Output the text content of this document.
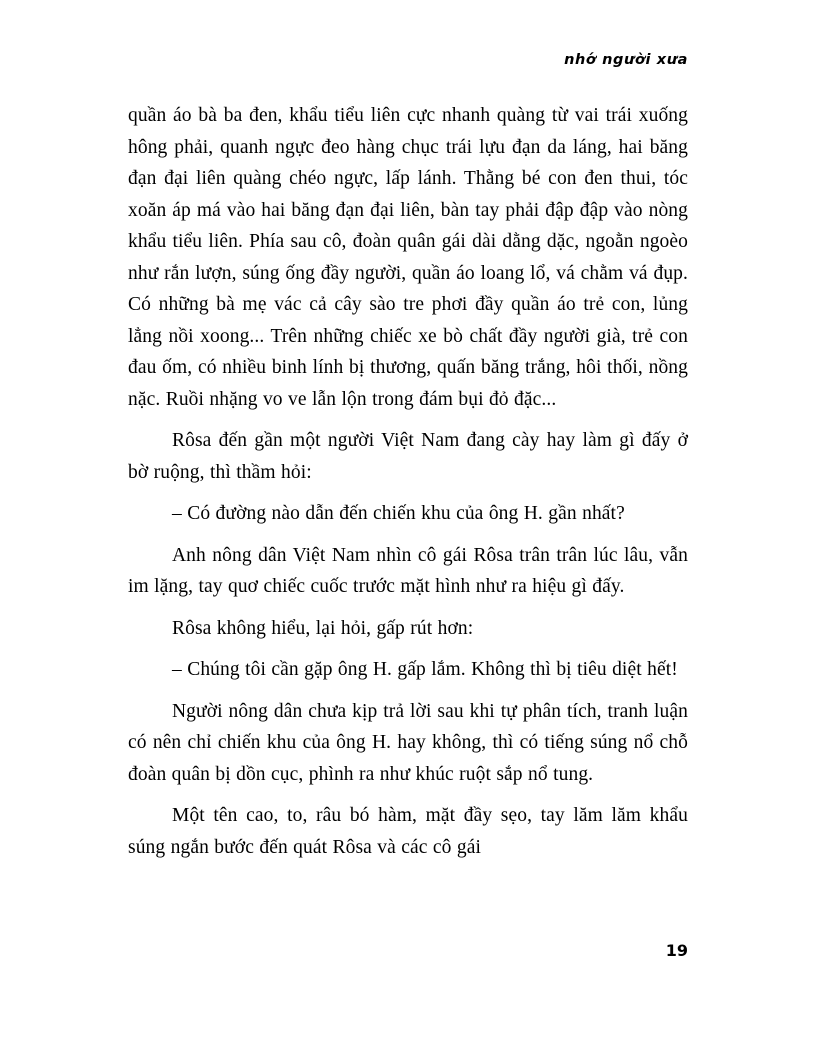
nhớ người xưa

quần áo bà ba đen, khẩu tiểu liên cực nhanh quàng từ vai trái xuống hông phải, quanh ngực đeo hàng chục trái lựu đạn da láng, hai băng đạn đại liên quàng chéo ngực, lấp lánh. Thằng bé con đen thui, tóc xoăn áp má vào hai băng đạn đại liên, bàn tay phải đập đập vào nòng khẩu tiểu liên. Phía sau cô, đoàn quân gái dài dằng dặc, ngoằn ngoèo như rắn lượn, súng ống đầy người, quần áo loang lổ, vá chằm vá đụp. Có những bà mẹ vác cả cây sào tre phơi đầy quần áo trẻ con, lủng lẳng nồi xoong... Trên những chiếc xe bò chất đầy người già, trẻ con đau ốm, có nhiều binh lính bị thương, quấn băng trắng, hôi thối, nồng nặc. Ruồi nhặng vo ve lẫn lộn trong đám bụi đỏ đặc...

Rôsa đến gần một người Việt Nam đang cày hay làm gì đấy ở bờ ruộng, thì thầm hỏi:

– Có đường nào dẫn đến chiến khu của ông H. gần nhất?

Anh nông dân Việt Nam nhìn cô gái Rôsa trân trân lúc lâu, vẫn im lặng, tay quơ chiếc cuốc trước mặt hình như ra hiệu gì đấy.

Rôsa không hiểu, lại hỏi, gấp rút hơn:

– Chúng tôi cần gặp ông H. gấp lắm. Không thì bị tiêu diệt hết!

Người nông dân chưa kịp trả lời sau khi tự phân tích, tranh luận có nên chỉ chiến khu của ông H. hay không, thì có tiếng súng nổ chỗ đoàn quân bị dồn cục, phình ra như khúc ruột sắp nổ tung.

Một tên cao, to, râu bó hàm, mặt đầy sẹo, tay lăm lăm khẩu súng ngắn bước đến quát Rôsa và các cô gái

19
